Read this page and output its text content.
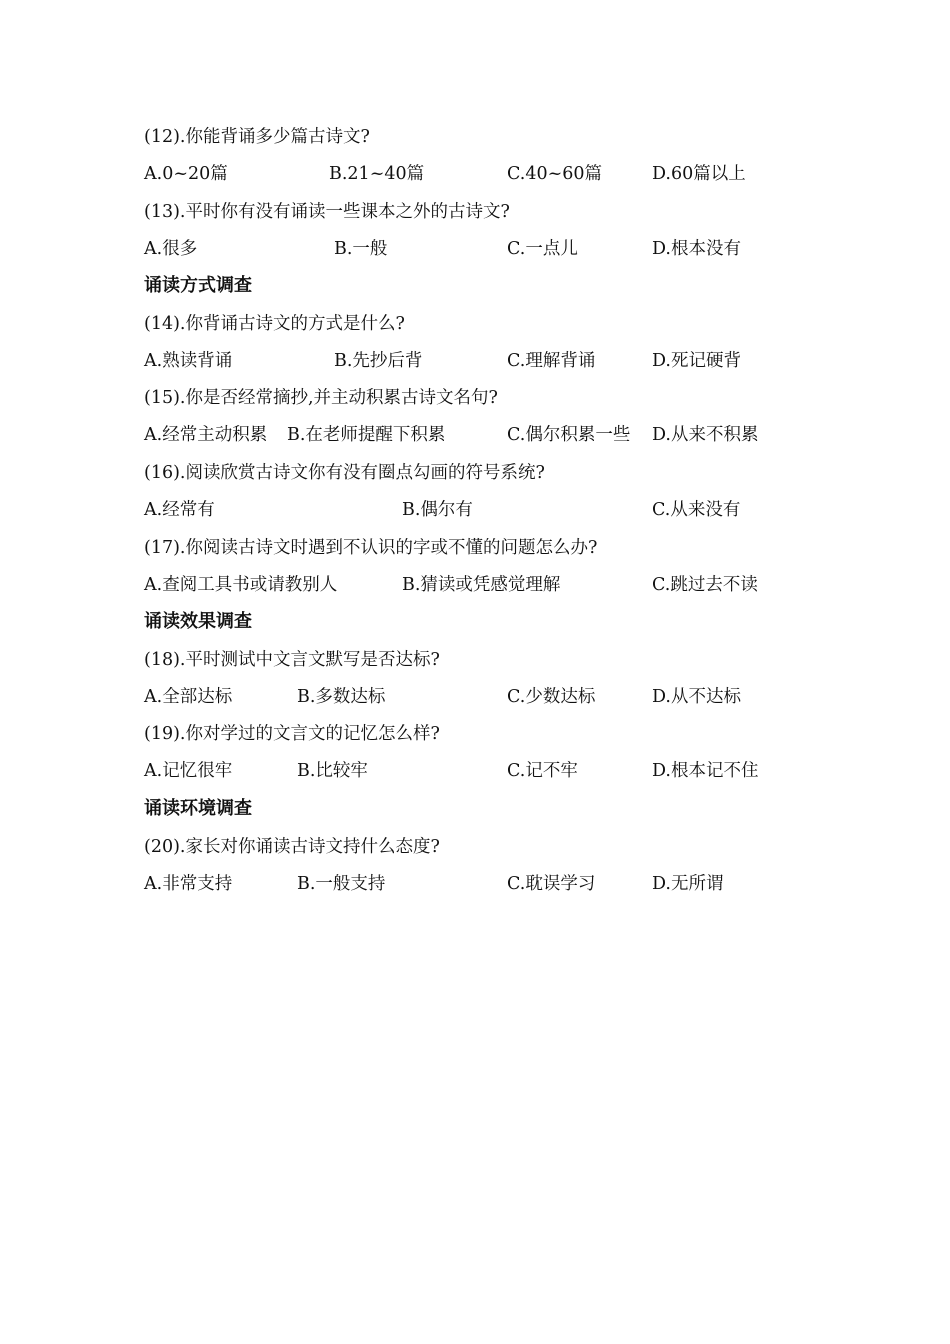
(12).你能背诵多少篇古诗文?
A.0~20篇	B.21~40篇	C.40~60篇	D.60篇以上
(13).平时你有没有诵读一些课本之外的古诗文?
A.很多	B.一般	C.一点儿	D.根本没有
诵读方式调查
(14).你背诵古诗文的方式是什么?
A.熟读背诵	B.先抄后背	C.理解背诵	D.死记硬背
(15).你是否经常摘抄,并主动积累古诗文名句?
A.经常主动积累 B.在老师提醒下积累	C.偶尔积累一些 D.从来不积累
(16).阅读欣赏古诗文你有没有圈点勾画的符号系统?
A.经常有	B.偶尔有	C.从来没有
(17).你阅读古诗文时遇到不认识的字或不懂的问题怎么办?
A.查阅工具书或请教别人	B.猜读或凭感觉理解	C.跳过去不读
诵读效果调查
(18).平时测试中文言文默写是否达标?
A.全部达标	B.多数达标	C.少数达标	D.从不达标
(19).你对学过的文言文的记忆怎么样?
A.记忆很牢	B.比较牢	C.记不牢	D.根本记不住
诵读环境调查
(20).家长对你诵读古诗文持什么态度?
A.非常支持	B.一般支持	C.耽误学习	D.无所谓
